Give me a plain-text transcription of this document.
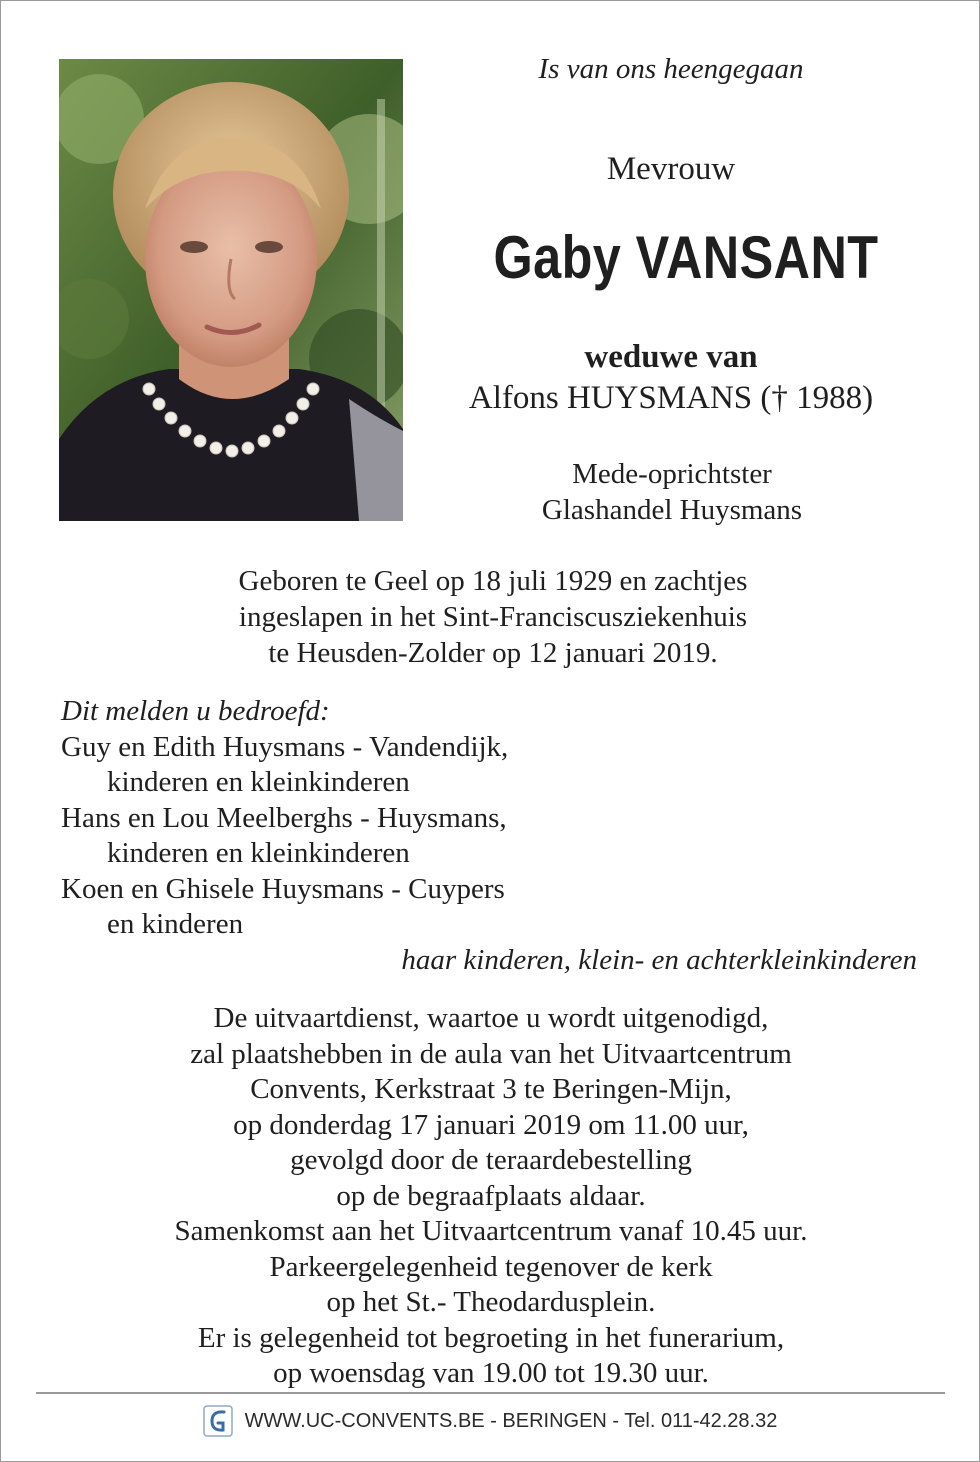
Is van ons heengegaan
Mevrouw
Gaby VANSANT
weduwe van
Alfons HUYSMANS († 1988)
Mede-oprichtster
Glashandel Huysmans
Geboren te Geel op 18 juli 1929 en zachtjes
ingeslapen in het Sint-Franciscusziekenhuis
te Heusden-Zolder op 12 januari 2019.
Dit melden u bedroefd:
Guy en Edith Huysmans - Vandendijk,
kinderen en kleinkinderen
Hans en Lou Meelberghs - Huysmans,
kinderen en kleinkinderen
Koen en Ghisele Huysmans - Cuypers
en kinderen
haar kinderen, klein- en achterkleinkinderen
De uitvaartdienst, waartoe u wordt uitgenodigd,
zal plaatshebben in de aula van het Uitvaartcentrum
Convents, Kerkstraat 3 te Beringen-Mijn,
op donderdag 17 januari 2019 om 11.00 uur,
gevolgd door de teraardebestelling
op de begraafplaats aldaar.
Samenkomst aan het Uitvaartcentrum vanaf 10.45 uur.
Parkeergelegenheid tegenover de kerk
op het St.- Theodardusplein.
Er is gelegenheid tot begroeting in het funerarium,
op woensdag van 19.00 tot 19.30 uur.
WWW.UC-CONVENTS.BE - BERINGEN - Tel. 011-42.28.32
